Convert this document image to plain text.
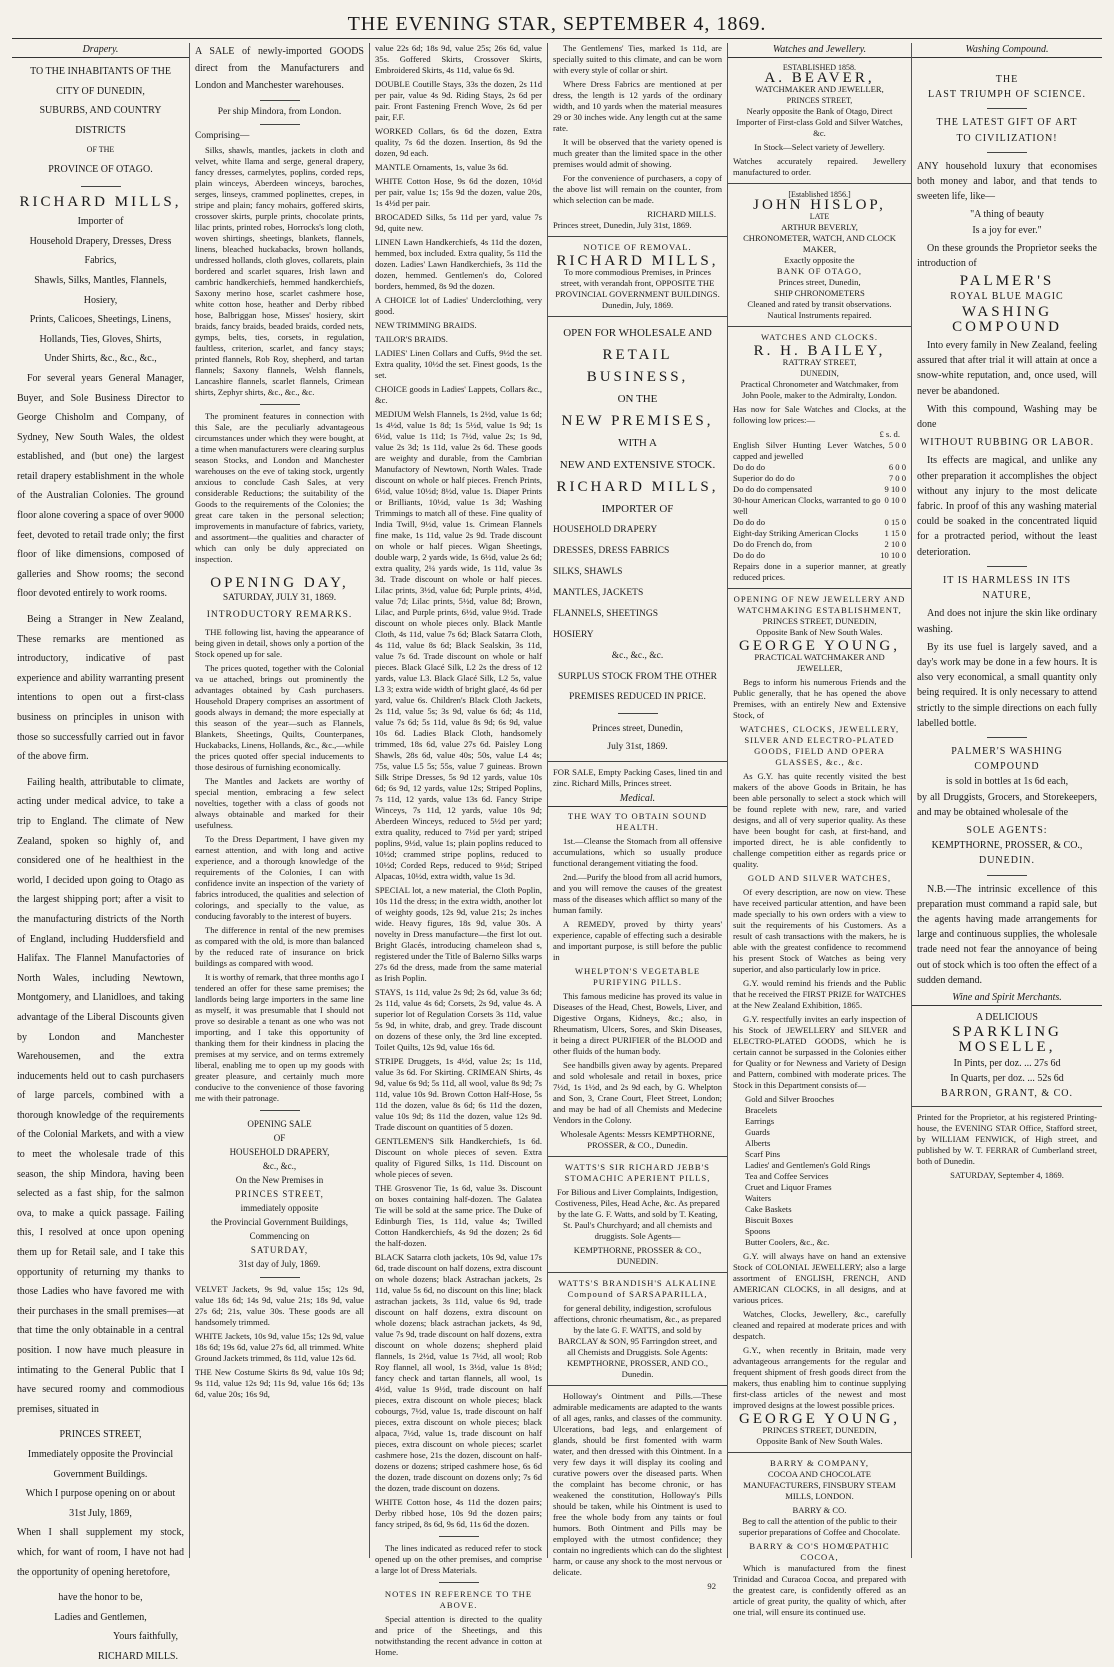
THE EVENING STAR, SEPTEMBER 4, 1869.
Drapery.
TO THE INHABITANTS OF THE
CITY OF DUNEDIN,
SUBURBS, AND COUNTRY DISTRICTS
OF THE
PROVINCE OF OTAGO.
RICHARD MILLS,
Importer of
Household Drapery, Dresses, Dress Fabrics,
Shawls, Silks, Mantles, Flannels, Hosiery,
Prints, Calicoes, Sheetings, Linens,
Hollands, Ties, Gloves, Shirts,
Under Shirts, &c., &c., &c.,
For several years General Manager, Buyer, and Sole Business Director to George Chisholm and Company, of Sydney, New South Wales, the oldest established, and (but one) the largest retail drapery establishment in the whole of the Australian Colonies. The ground floor alone covering a space of over 9000 feet, devoted to retail trade only; the first floor of like dimensions, composed of galleries and Show rooms; the second floor devoted entirely to work rooms.
Being a Stranger in New Zealand, These remarks are mentioned as introductory, indicative of past experience and ability warranting present intentions to open out a first-class business on principles in unison with those so successfully carried out in favor of the above firm.
Failing health, attributable to climate, acting under medical advice, to take a trip to England. The climate of New Zealand, spoken so highly of, and considered one of he healthiest in the world, I decided upon going to Otago as the largest shipping port; after a visit to the manufacturing districts of the North of England, including Huddersfield and Halifax. The Flannel Manufactories of North Wales, including Newtown, Montgomery, and Llanidloes, and taking advantage of the Liberal Discounts given by London and Manchester Warehousemen, and the extra inducements held out to cash purchasers of large parcels, combined with a thorough knowledge of the requirements of the Colonial Markets, and with a view to meet the wholesale trade of this season, the ship Mindora, having been selected as a fast ship, for the salmon ova, to make a quick passage. Failing this, I resolved at once upon opening them up for Retail sale, and I take this opportunity of returning my thanks to those Ladies who have favored me with their purchases in the small premises—at that time the only obtainable in a central position. I now have much pleasure in intimating to the General Public that I have secured roomy and commodious premises, situated in
PRINCES STREET,
Immediately opposite the Provincial Government Buildings.
Which I purpose opening on or about
31st July, 1869,
When I shall supplement my stock, which, for want of room, I have not had the opportunity of opening heretofore,
have the honor to be,
Ladies and Gentlemen,
Yours faithfully,
RICHARD MILLS.
A SALE of newly-imported GOODS direct from the Manufacturers and London and Manchester warehouses.
Per ship Mindora, from London.
Comprising—
Silks, shawls, mantles, jackets in cloth and velvet, white llama and serge, general drapery, fancy dresses, carmelytes, poplins, corded reps, plain winceys, Aberdeen winceys, baroches, serges, linseys, crammed poplinettes, crepes, in stripe and plain; fancy mohairs, goffered skirts, crossover skirts, purple prints, chocolate prints, lilac prints, printed robes, Horrocks's long cloth, woven shirtings, sheetings, blankets, flannels, linens, bleached huckabacks, brown hollands, undressed hollands, cloth gloves, collarets, plain bordered and scarlet squares, Irish lawn and cambric handkerchiefs, hemmed handkerchiefs, Saxony merino hose, scarlet cashmere hose, white cotton hose, heather and Derby ribbed hose, Balbriggan hose, Misses' hosiery, skirt braids, fancy braids, beaded braids, corded nets, gymps, belts, ties, corsets, in regulation, faultless, criterion, scarlet, and fancy stays; printed flannels, Rob Roy, shepherd, and tartan flannels; Saxony flannels, Welsh flannels, Lancashire flannels, scarlet flannels, Crimean shirts, Zephyr shirts, &c., &c., &c.
The prominent features in connection with this Sale, are the peculiarly advantageous circumstances under which they were bought, at a time when manufacturers were clearing surplus season Stocks, and London and Manchester warehouses on the eve of taking stock, urgently anxious to conclude Cash Sales, at very considerable Reductions; the suitability of the Goods to the requirements of the Colonies; the great care taken in the personal selection; improvements in manufacture of fabrics, variety, and assortment—the qualities and character of which can only be duly appreciated on inspection.
OPENING DAY,
SATURDAY, JULY 31, 1869.
INTRODUCTORY REMARKS.
THE following list, having the appearance of being given in detail, shows only a portion of the Stock opened up for sale.
The prices quoted, together with the Colonial va ue attached, brings out prominently the advantages obtained by Cash purchasers. Household Drapery comprises an assortment of goods always in demand; the more especially at this season of the year—such as Flannels, Blankets, Sheetings, Quilts, Counterpanes, Huckabacks, Linens, Hollands, &c., &c.,—while the prices quoted offer special inducements to those desirous of furnishing economically.
The Mantles and Jackets are worthy of special mention, embracing a few select novelties, together with a class of goods not always obtainable and marked for their usefulness.
To the Dress Department, I have given my earnest attention, and with long and active experience, and a thorough knowledge of the requirements of the Colonies, I can with confidence invite an inspection of the variety of fabrics introduced, the qualities and selection of colorings, and specially to the value, as conducing favorably to the interest of buyers.
The difference in rental of the new premises as compared with the old, is more than balanced by the reduced rate of insurance on brick buildings as compared with wood.
It is worthy of remark, that three months ago I tendered an offer for these same premises; the landlords being large importers in the same line as myself, it was presumable that I should not prove so desirable a tenant as one who was not importing, and I take this opportunity of thanking them for their kindness in placing the premises at my service, and on terms extremely liberal, enabling me to open up my goods with greater pleasure, and certainly much more conducive to the convenience of those favoring me with their patronage.
OPENING SALE
OF
HOUSEHOLD DRAPERY,
&c., &c.,
On the New Premises in
PRINCES STREET,
immediately opposite
the Provincial Government Buildings,
Commencing on
SATURDAY,
31st day of July, 1869.
VELVET Jackets, 9s 9d, value 15s; 12s 9d, value 18s 6d; 14s 9d, value 21s; 18s 9d, value 27s 6d; 21s, value 30s. These goods are all handsomely trimmed.
WHITE Jackets, 10s 9d, value 15s; 12s 9d, value 18s 6d; 19s 6d, value 27s 6d, all trimmed. White Ground Jackets trimmed, 8s 11d, value 12s 6d.
THE New Costume Skirts 8s 9d, value 10s 9d; 9s 11d, value 12s 9d; 11s 9d, value 16s 6d; 13s 6d, value 20s; 16s 9d,
value 22s 6d; 18s 9d, value 25s; 26s 6d, value 35s. Goffered Skirts, Crossover Skirts, Embroidered Skirts, 4s 11d, value 6s 9d.
DOUBLE Coutille Stays, 33s the dozen, 2s 11d per pair, value 4s 9d. Riding Stays, 2s 6d per pair. Front Fastening French Wove, 2s 6d per pair, F.F.
WORKED Collars, 6s 6d the dozen, Extra quality, 7s 6d the dozen. Insertion, 8s 9d the dozen, 9d each.
MANTLE Ornaments, 1s, value 3s 6d.
WHITE Cotton Hose, 9s 6d the dozen, 10½d per pair, value 1s; 15s 9d the dozen, value 20s, 1s 4½d per pair.
BROCADED Silks, 5s 11d per yard, value 7s 9d, quite new.
LINEN Lawn Handkerchiefs, 4s 11d the dozen, hemmed, box included. Extra quality, 5s 11d the dozen. Ladies' Lawn Handkerchiefs, 3s 11d the dozen, hemmed. Gentlemen's do, Colored borders, hemmed, 8s 9d the dozen.
A CHOICE lot of Ladies' Underclothing, very good.
NEW TRIMMING BRAIDS.
TAILOR'S BRAIDS.
LADIES' Linen Collars and Cuffs, 9½d the set. Extra quality, 10½d the set. Finest goods, 1s the set.
CHOICE goods in Ladies' Lappets, Collars &c., &c.
MEDIUM Welsh Flannels, 1s 2½d, value 1s 6d; 1s 4½d, value 1s 8d; 1s 5½d, value 1s 9d; 1s 6½d, value 1s 11d; 1s 7½d, value 2s; 1s 9d, value 2s 3d; 1s 11d, value 2s 6d. These goods are weighty and durable, from the Cambrian Manufactory of Newtown, North Wales. Trade discount on whole or half pieces. French Prints, 6½d, value 10½d; 8½d, value 1s. Diaper Prints or Brilliants, 10½d, value 1s 3d; Washing Trimmings to match all of these. Fine quality of India Twill, 9½d, value 1s. Crimean Flannels fine make, 1s 11d, value 2s 9d. Trade discount on whole or half pieces. Wigan Sheetings, double warp, 2 yards wide, 1s 6½d, value 2s 6d; extra quality, 2¼ yards wide, 1s 11d, value 3s 3d. Trade discount on whole or half pieces. Lilac prints, 3½d, value 6d; Purple prints, 4½d, value 7d; Lilac prints, 5½d, value 8d; Brown, Lilac, and Purple prints, 6½d, value 9½d. Trade discount on whole pieces only. Black Mantle Cloth, 4s 11d, value 7s 6d; Black Satarra Cloth, 4s 11d, value 8s 6d; Black Sealskin, 3s 11d, value 7s 6d. Trade discount on whole or half pieces. Black Glacé Silk, L2 2s the dress of 12 yards, value L3. Black Glacé Silk, L2 5s, value L3 3; extra wide width of bright glacé, 4s 6d per yard, value 6s. Children's Black Cloth Jackets, 2s 11d, value 5s; 3s 9d, value 6s 6d; 4s 11d, value 7s 6d; 5s 11d, value 8s 9d; 6s 9d, value 10s 6d. Ladies Black Cloth, handsomely trimmed, 18s 6d, value 27s 6d. Paisley Long Shawls, 28s 6d, value 40s; 50s, value L4 4s; 75s, value L5 5s; 55s, value 7 guineas. Brown Silk Stripe Dresses, 5s 9d 12 yards, value 10s 6d; 6s 9d, 12 yards, value 12s; Striped Poplins, 7s 11d, 12 yards, value 13s 6d. Fancy Stripe Winceys, 7s 11d, 12 yards, value 10s 9d; Aberdeen Winceys, reduced to 5½d per yard; extra quality, reduced to 7½d per yard; striped poplins, 9½d, value 1s; plain poplins reduced to 10½d; crammed stripe poplins, reduced to 10½d; Corded Reps, reduced to 9½d; Striped Alpacas, 10½d, extra width, value 1s 3d.
SPECIAL lot, a new material, the Cloth Poplin, 10s 11d the dress; in the extra width, another lot of weighty goods, 12s 9d, value 21s; 2s inches wide. Heavy figures, 18s 9d, value 30s. A novelty in Dress manufacture—the first lot out. Bright Glacés, introducing chameleon shad s, registered under the Title of Balerno Silks warps 27s 6d the dress, made from the same material as Irish Poplin.
STAYS, 1s 11d, value 2s 9d; 2s 6d, value 3s 6d; 2s 11d, value 4s 6d; Corsets, 2s 9d, value 4s. A superior lot of Regulation Corsets 3s 11d, value 5s 9d, in white, drab, and grey. Trade discount on dozens of these only, the 3rd line excepted. Toilet Quilts, 12s 9d, value 16s 6d.
STRIPE Druggets, 1s 4½d, value 2s; 1s 11d, value 3s 6d. For Skirting. CRIMEAN Shirts, 4s 9d, value 6s 9d; 5s 11d, all wool, value 8s 9d; 7s 11d, value 10s 9d. Brown Cotton Half-Hose, 5s 11d the dozen, value 8s 6d; 6s 11d the dozen, value 10s 9d; 8s 11d the dozen, value 12s 9d. Trade discount on quantities of 5 dozen.
GENTLEMEN'S Silk Handkerchiefs, 1s 6d. Discount on whole pieces of seven. Extra quality of Figured Silks, 1s 11d. Discount on whole pieces of seven.
THE Grosvenor Tie, 1s 6d, value 3s. Discount on boxes containing half-dozen. The Galatea Tie will be sold at the same price. The Duke of Edinburgh Ties, 1s 11d, value 4s; Twilled Cotton Handkerchiefs, 4s 9d the dozen; 2s 6d the half-dozen.
BLACK Satarra cloth jackets, 10s 9d, value 17s 6d, trade discount on half dozens, extra discount on whole dozens; black Astrachan jackets, 2s 11d, value 5s 6d, no discount on this line; black astrachan jackets, 3s 11d, value 6s 9d, trade discount on half dozens, extra discount on whole dozens; black astrachan jackets, 4s 9d, value 7s 9d, trade discount on half dozens, extra discount on whole dozens; shepherd plaid flannels, 1s 2½d, value 1s 7½d, all wool; Rob Roy flannel, all wool, 1s 3½d, value 1s 8½d; fancy check and tartan flannels, all wool, 1s 4½d, value 1s 9½d, trade discount on half pieces, extra discount on whole pieces; black cobourgs, 7½d, value 1s, trade discount on half pieces, extra discount on whole pieces; black alpaca, 7½d, value 1s, trade discount on half pieces, extra discount on whole pieces; scarlet cashmere hose, 21s the dozen, discount on half-dozens or dozens; striped cashmere hose, 6s 6d the dozen, trade discount on dozens only; 7s 6d the dozen, trade discount on dozens.
WHITE Cotton hose, 4s 11d the dozen pairs; Derby ribbed hose, 10s 9d the dozen pairs; fancy striped, 8s 6d, 9s 6d, 11s 6d the dozen.
The lines indicated as reduced refer to stock opened up on the other premises, and comprise a large lot of Dress Materials.
NOTES IN REFERENCE TO THE ABOVE.
Special attention is directed to the quality and price of the Sheetings, and this notwithstanding the recent advance in cotton at Home.
The Gentlemens' Ties, marked 1s 11d, are specially suited to this climate, and can be worn with every style of collar or shirt.
Where Dress Fabrics are mentioned at per dress, the length is 12 yards of the ordinary width, and 10 yards when the material measures 29 or 30 inches wide. Any length cut at the same rate.
It will be observed that the variety opened is much greater than the limited space in the other premises would admit of showing.
For the convenience of purchasers, a copy of the above list will remain on the counter, from which selection can be made.
RICHARD MILLS.
Princes street, Dunedin, July 31st, 1869.
NOTICE OF REMOVAL.
RICHARD MILLS,
To more commodious Premises, in Princes street, with verandah front, OPPOSITE THE PROVINCIAL GOVERNMENT BUILDINGS. Dunedin, July, 1869.
OPEN FOR WHOLESALE AND
RETAIL BUSINESS,
ON THE
NEW PREMISES,
WITH A
NEW AND EXTENSIVE STOCK.
RICHARD MILLS,
IMPORTER OF
HOUSEHOLD DRAPERY
DRESSES, DRESS FABRICS
SILKS, SHAWLS
MANTLES, JACKETS
FLANNELS, SHEETINGS
HOSIERY
&c., &c., &c.
SURPLUS STOCK FROM THE OTHER PREMISES REDUCED IN PRICE.
Princes street, Dunedin,
July 31st, 1869.
FOR SALE, Empty Packing Cases, lined tin and zinc. Richard Mills, Princes street.
Medical.
THE WAY TO OBTAIN SOUND HEALTH.
1st.—Cleanse the Stomach from all offensive accumulations, which so usually produce functional derangement vitiating the food.
2nd.—Purify the blood from all acrid humors, and you will remove the causes of the greatest mass of the diseases which afflict so many of the human family.
A REMEDY, proved by thirty years' experience, capable of effecting such a desirable and important purpose, is still before the public in
WHELPTON'S VEGETABLE PURIFYING PILLS.
This famous medicine has proved its value in Diseases of the Head, Chest, Bowels, Liver, and Digestive Organs, Kidneys, &c.; also, in Rheumatism, Ulcers, Sores, and Skin Diseases, it being a direct PURIFIER of the BLOOD and other fluids of the human body.
See handbills given away by agents. Prepared and sold wholesale and retail in boxes, price 7½d, 1s 1½d, and 2s 9d each, by G. Whelpton and Son, 3, Crane Court, Fleet Street, London; and may be had of all Chemists and Medecine Vendors in the Colony.
Wholesale Agents: Messrs KEMPTHORNE, PROSSER, & CO., Dunedin.
WATTS'S SIR RICHARD JEBB'S STOMACHIC APERIENT PILLS,
For Bilious and Liver Complaints, Indigestion, Costiveness, Piles, Head Ache, &c. As prepared by the late G. F. Watts, and sold by T. Keating, St. Paul's Churchyard; and all chemists and druggists. Sole Agents—
KEMPTHORNE, PROSSER & CO., DUNEDIN.
WATTS'S BRANDISH'S ALKALINE Compound of SARSAPARILLA,
for general debility, indigestion, scrofulous affections, chronic rheumatism, &c., as prepared by the late G. F. WATTS, and sold by BARCLAY & SON, 95 Farringdon street, and all Chemists and Druggists. Sole Agents: KEMPTHORNE, PROSSER, AND CO., Dunedin.
Holloway's Ointment and Pills.—These admirable medicaments are adapted to the wants of all ages, ranks, and classes of the community. Ulcerations, bad legs, and enlargement of glands, should be first fomented with warm water, and then dressed with this Ointment. In a very few days it will display its cooling and curative powers over the diseased parts. When the complaint has become chronic, or has weakened the constitution, Holloway's Pills should be taken, while his Ointment is used to free the whole body from any taints or foul humors. Both Ointment and Pills may be employed with the utmost confidence; they contain no ingredients which can do the slightest harm, or cause any shock to the most nervous or delicate.
92
Watches and Jewellery.
ESTABLISHED 1858.
A. BEAVER,
WATCHMAKER AND JEWELLER,
PRINCES STREET,
Nearly opposite the Bank of Otago, Direct Importer of First-class Gold and Silver Watches, &c.
In Stock—Select variety of Jewellery.
Watches accurately repaired. Jewellery manufactured to order.
[Established 1856.]
JOHN HISLOP,
LATE
ARTHUR BEVERLY,
CHRONOMETER, WATCH, AND CLOCK MAKER,
Exactly opposite the
BANK OF OTAGO,
Princes street, Dunedin,
SHIP CHRONOMETERS
Cleaned and rated by transit observations. Nautical Instruments repaired.
WATCHES AND CLOCKS.
R. H. BAILEY,
RATTRAY STREET,
DUNEDIN,
Practical Chronometer and Watchmaker, from John Poole, maker to the Admiralty, London.
Has now for Sale Watches and Clocks, at the following low prices:—
£ s. d.
English Silver Hunting Lever Watches, capped and jewelled
5 0 0
Do do do	6 0 0
Superior do do do	7 0 0
Do do do compensated	9 10 0
30-hour American Clocks, warranted to go well
0 10 0
Do do do	0 15 0
Eight-day Striking American Clocks	1 15 0
Do do French do, from	2 10 0
Do do do	10 10 0
Repairs done in a superior manner, at greatly reduced prices.
OPENING OF NEW JEWELLERY AND WATCHMAKING ESTABLISHMENT,
PRINCES STREET, DUNEDIN,
Opposite Bank of New South Wales.
GEORGE YOUNG,
PRACTICAL WATCHMAKER AND JEWELLER,
Begs to inform his numerous Friends and the Public generally, that he has opened the above Premises, with an entirely New and Extensive Stock, of
WATCHES, CLOCKS, JEWELLERY, SILVER AND ELECTRO-PLATED GOODS, FIELD AND OPERA GLASSES, &c., &c.
As G.Y. has quite recently visited the best makers of the above Goods in Britain, he has been able personally to select a stock which will be found replete with new, rare, and varied designs, and all of very superior quality. As these have been bought for cash, at first-hand, and imported direct, he is able confidently to challenge competition either as regards price or quality.
GOLD AND SILVER WATCHES,
Of every description, are now on view. These have received particular attention, and have been made specially to his own orders with a view to suit the requirements of his Customers. As a result of cash transactions with the makers, he is able with the greatest confidence to recommend his present Stock of Watches as being very superior, and also particularly low in price.
G.Y. would remind his friends and the Public that he received the FIRST PRIZE for WATCHES at the New Zealand Exhibition, 1865.
G.Y. respectfully invites an early inspection of his Stock of JEWELLERY and SILVER and ELECTRO-PLATED GOODS, which he is certain cannot be surpassed in the Colonies either for Quality or for Newness and Variety of Design and Pattern, combined with moderate prices. The Stock in this Department consists of—
Gold and Silver Brooches
Bracelets
Earrings
Guards
Alberts
Scarf Pins
Ladies' and Gentlemen's Gold Rings
Tea and Coffee Services
Cruet and Liquor Frames
Waiters
Cake Baskets
Biscuit Boxes
Spoons
Butter Coolers, &c., &c.
G.Y. will always have on hand an extensive Stock of COLONIAL JEWELLERY; also a large assortment of ENGLISH, FRENCH, AND AMERICAN CLOCKS, in all designs, and at various prices.
Watches, Clocks, Jewellery, &c., carefully cleaned and repaired at moderate prices and with despatch.
G.Y., when recently in Britain, made very advantageous arrangements for the regular and frequent shipment of fresh goods direct from the makers, thus enabling him to continue supplying first-class articles of the newest and most improved designs at the lowest possible prices.
GEORGE YOUNG,
PRINCES STREET, DUNEDIN,
Opposite Bank of New South Wales.
BARRY & COMPANY,
COCOA AND CHOCOLATE MANUFACTURERS, FINSBURY STEAM MILLS, LONDON.
BARRY & CO.
Beg to call the attention of the public to their superior preparations of Coffee and Chocolate.
BARRY & CO'S HOMŒPATHIC COCOA,
Which is manufactured from the finest Trinidad and Curacoa Cocoa, and prepared with the greatest care, is confidently offered as an article of great purity, the quality of which, after one trial, will ensure its continued use.
Washing Compound.
THE
LAST TRIUMPH OF SCIENCE.
THE LATEST GIFT OF ART
TO CIVILIZATION!
ANY household luxury that economises both money and labor, and that tends to sweeten life, like—
"A thing of beauty
Is a joy for ever."
On these grounds the Proprietor seeks the introduction of
PALMER'S
ROYAL BLUE MAGIC
WASHING COMPOUND
Into every family in New Zealand, feeling assured that after trial it will attain at once a snow-white reputation, and, once used, will never be abandoned.
With this compound, Washing may be done
WITHOUT RUBBING OR LABOR.
Its effects are magical, and unlike any other preparation it accomplishes the object without any injury to the most delicate fabric. In proof of this any washing material could be soaked in the concentrated liquid for a protracted period, without the least deterioration.
IT IS HARMLESS IN ITS
NATURE,
And does not injure the skin like ordinary washing.
By its use fuel is largely saved, and a day's work may be done in a few hours. It is also very economical, a small quantity only being required. It is only necessary to attend strictly to the simple directions on each fully labelled bottle.
PALMER'S WASHING COMPOUND
is sold in bottles at 1s 6d each,
by all Druggists, Grocers, and Storekeepers, and may be obtained wholesale of the
SOLE AGENTS:
KEMPTHORNE, PROSSER, & CO.,
DUNEDIN.
N.B.—The intrinsic excellence of this preparation must command a rapid sale, but the agents having made arrangements for large and continuous supplies, the wholesale trade need not fear the annoyance of being out of stock which is too often the effect of a sudden demand.
Wine and Spirit Merchants.
A DELICIOUS
SPARKLING MOSELLE,
In Pints, per doz. ... 27s 6d
In Quarts, per doz. ... 52s 6d
BARRON, GRANT, & CO.
Printed for the Proprietor, at his registered Printing-house, the EVENING STAR Office, Stafford street, by WILLIAM FENWICK, of High street, and published by W. T. FERRAR of Cumberland street, both of Dunedin.
SATURDAY, September 4, 1869.
